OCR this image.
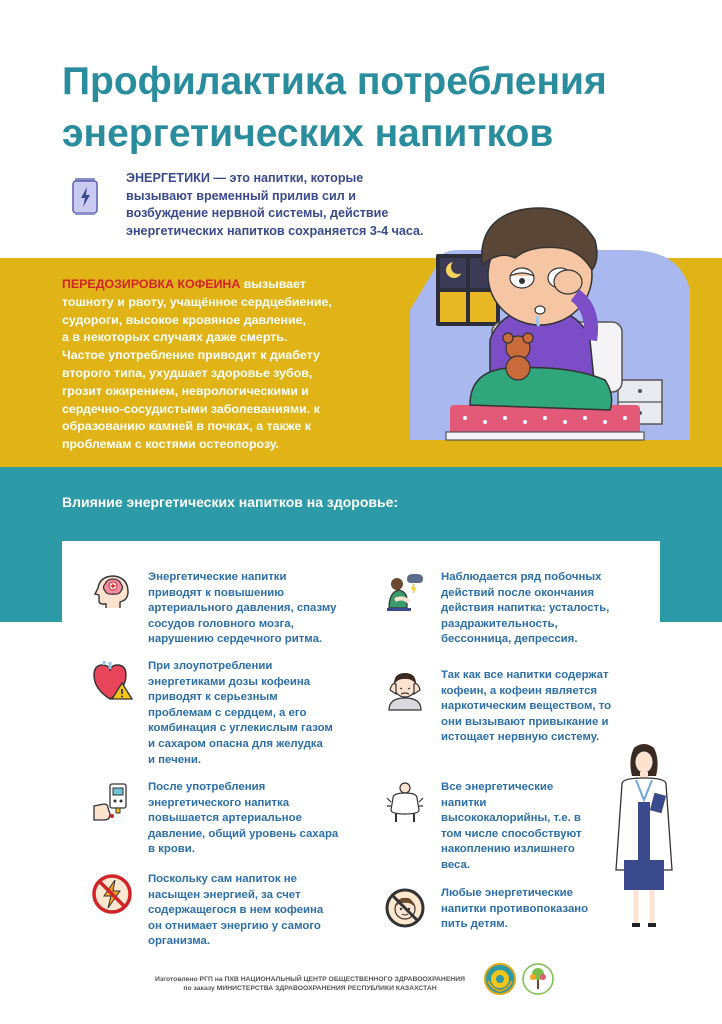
Профилактика потребления
энергетических напитков
ЭНЕРГЕТИКИ — это напитки, которые
вызывают временный прилив сил и
возбуждение нервной системы, действие
энергетических напитков сохраняется 3-4 часа.
ПЕРЕДОЗИРОВКА КОФЕИНА вызывает
тошноту и рвоту, учащённое сердцебиение,
судороги, высокое кровяное давление,
а в некоторых случаях даже смерть.
Частое употребление приводит к диабету
второго типа, ухудшает здоровье зубов,
грозит ожирением, неврологическими и
сердечно-сосудистыми заболеваниями. к
образованию камней в почках, а также к
проблемам с костями остеопорозу.
Влияние энергетических напитков на здоровье:
Энергетические напитки
приводят к повышению
артериального давления, спазму
сосудов головного мозга,
нарушению сердечного ритма.
При злоупотреблении
энергетиками дозы кофеина
приводят к серьезным
проблемам с сердцем, а его
комбинация с углекислым газом
и сахаром опасна для желудка
и печени.
После употребления
энергетического напитка
повышается артериальное
давление, общий уровень сахара
в крови.
Поскольку сам напиток не
насыщен энергией, за счет
содержащегося в нем кофеина
он отнимает энергию у самого
организма.
Наблюдается ряд побочных
действий после окончания
действия напитка: усталость,
раздражительность,
бессонница, депрессия.
Так как все напитки содержат
кофеин, а кофеин является
наркотическим веществом, то
они вызывают привыкание и
истощает нервную систему.
Все энергетические
напитки
высококалорийны, т.е. в
том числе способствуют
накоплению излишнего
веса.
Любые энергетические
напитки противопоказано
пить детям.
Изготовлено РГП на ПХВ НАЦИОНАЛЬНЫЙ ЦЕНТР ОБЩЕСТВЕННОГО ЗДРАВООХРАНЕНИЯ
по заказу МИНИСТЕРСТВА ЗДРАВООХРАНЕНИЯ РЕСПУБЛИКИ КАЗАХСТАН
